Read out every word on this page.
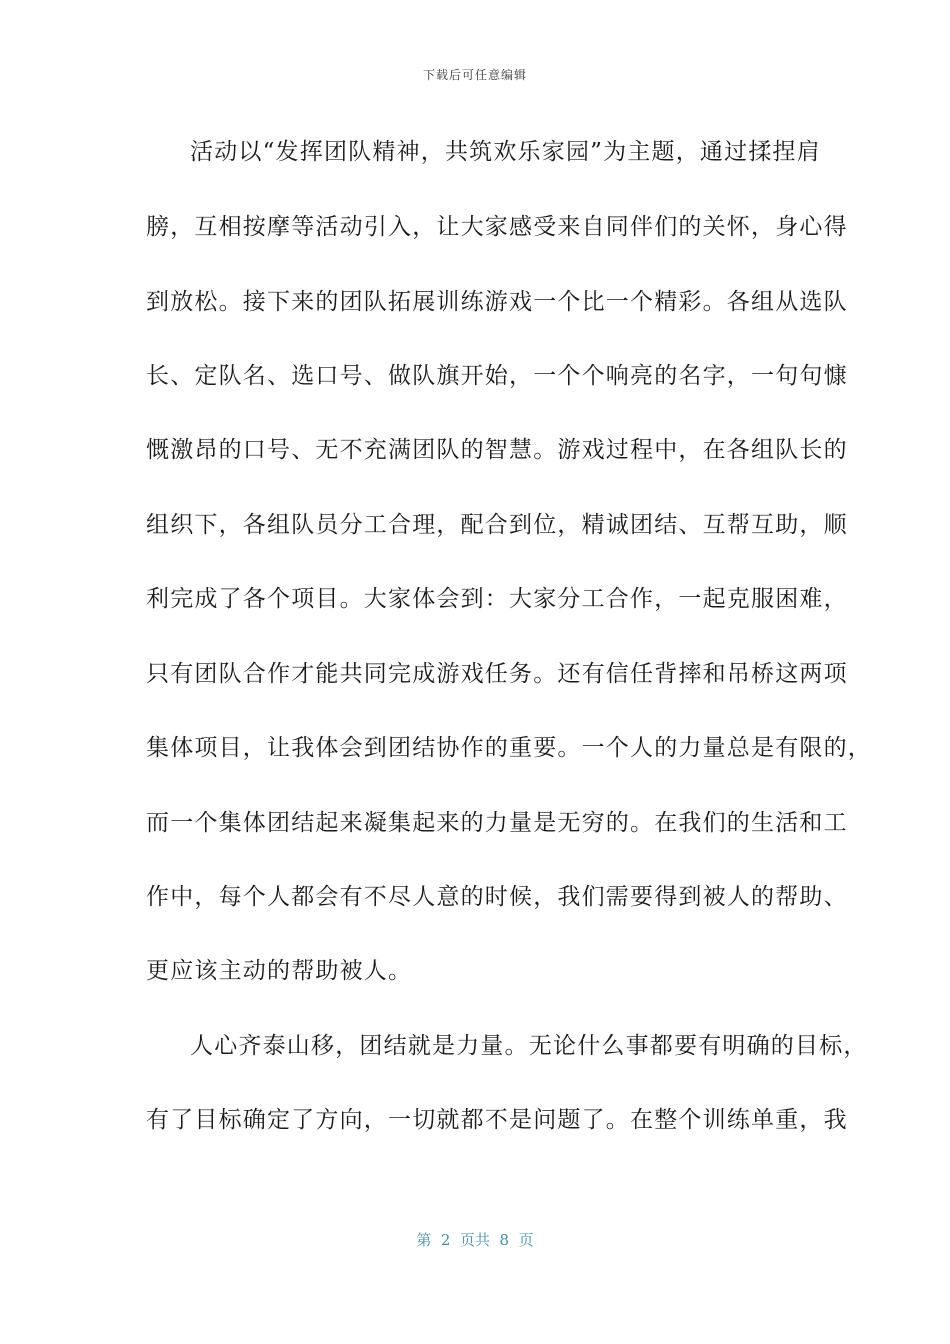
下载后可任意编辑
活动以“发挥团队精神，共筑欢乐家园”为主题，通过揉捏肩
膀，互相按摩等活动引入，让大家感受来自同伴们的关怀，身心得
到放松。接下来的团队拓展训练游戏一个比一个精彩。各组从选队
长、定队名、选口号、做队旗开始，一个个响亮的名字，一句句慷
慨激昂的口号、无不充满团队的智慧。游戏过程中，在各组队长的
组织下，各组队员分工合理，配合到位，精诚团结、互帮互助，顺
利完成了各个项目。大家体会到：大家分工合作，一起克服困难，
只有团队合作才能共同完成游戏任务。还有信任背摔和吊桥这两项
集体项目，让我体会到团结协作的重要。一个人的力量总是有限的，
而一个集体团结起来凝集起来的力量是无穷的。在我们的生活和工
作中，每个人都会有不尽人意的时候，我们需要得到被人的帮助、
更应该主动的帮助被人。
人心齐泰山移，团结就是力量。无论什么事都要有明确的目标，
有了目标确定了方向，一切就都不是问题了。在整个训练单重，我
第  2  页共  8  页
